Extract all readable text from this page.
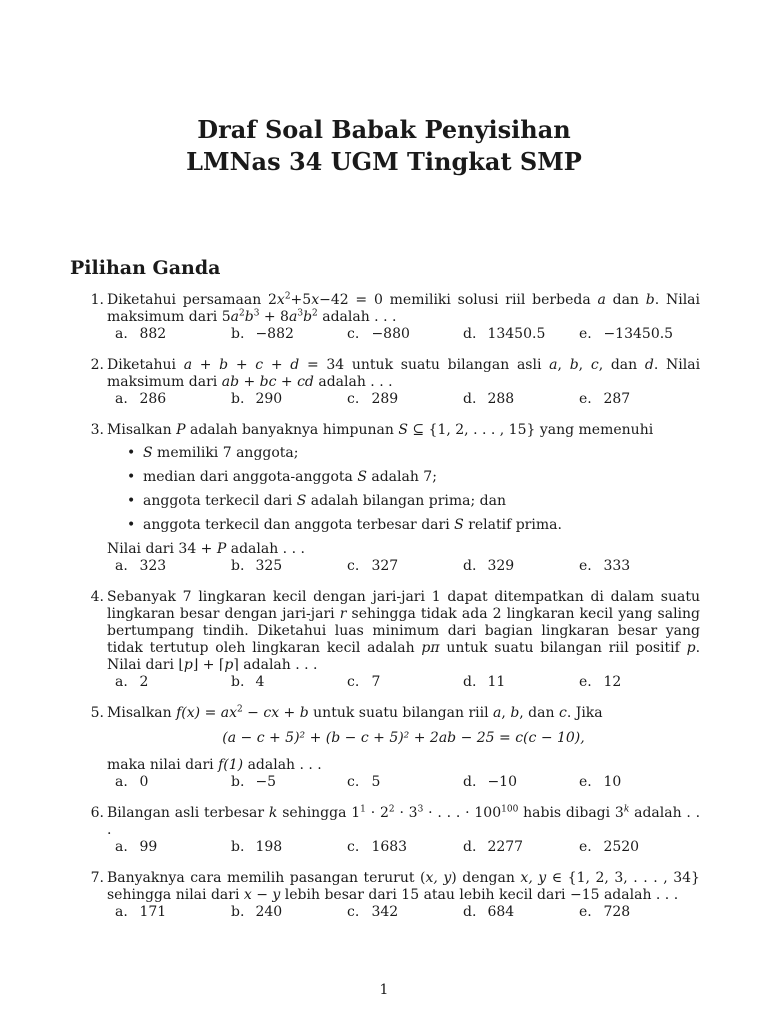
Draf Soal Babak Penyisihan
LMNas 34 UGM Tingkat SMP
Pilihan Ganda
1. Diketahui persamaan $2x^2+5x-42 = 0$ memiliki solusi riil berbeda a dan b. Nilai maksimum dari $5a^2b^3 + 8a^3b^2$ adalah . . .
a. 882	b. −882	c. −880	d. 13450.5	e. −13450.5
2. Diketahui a + b + c + d = 34 untuk suatu bilangan asli a, b, c, dan d. Nilai maksimum dari ab + bc + cd adalah . . .
a. 286	b. 290	c. 289	d. 288	e. 287
3. Misalkan P adalah banyaknya himpunan S ⊆ {1, 2, . . . , 15} yang memenuhi
• S memiliki 7 anggota;
• median dari anggota-anggota S adalah 7;
• anggota terkecil dari S adalah bilangan prima; dan
• anggota terkecil dan anggota terbesar dari S relatif prima.
Nilai dari 34 + P adalah . . .
a. 323	b. 325	c. 327	d. 329	e. 333
4. Sebanyak 7 lingkaran kecil dengan jari-jari 1 dapat ditempatkan di dalam suatu lingkaran besar dengan jari-jari r sehingga tidak ada 2 lingkaran kecil yang saling bertumpang tindih. Diketahui luas minimum dari bagian lingkaran besar yang tidak tertutup oleh lingkaran kecil adalah pπ untuk suatu bilangan riil positif p. Nilai dari ⌊p⌋ + ⌈p⌉ adalah . . .
a. 2	b. 4	c. 7	d. 11	e. 12
5. Misalkan $f(x) = ax^2$ − cx + b untuk suatu bilangan riil a, b, dan c. Jika
(a − c + 5)² + (b − c + 5)² + 2ab − 25 = c(c − 10),
maka nilai dari f(1) adalah . . .
a. 0	b. −5	c. 5	d. −10	e. 10
6. Bilangan asli terbesar k sehingga $1^1 \cdot 2^2 \cdot 3^3$ · . . . · $100^{100}$ habis dibagi 3$^k$ adalah . . .
a. 99	b. 198	c. 1683	d. 2277	e. 2520
7. Banyaknya cara memilih pasangan terurut (x, y) dengan x, y ∈ {1, 2, 3, . . . , 34} sehingga nilai dari x − y lebih besar dari 15 atau lebih kecil dari −15 adalah . . .
a. 171	b. 240	c. 342	d. 684	e. 728
1
